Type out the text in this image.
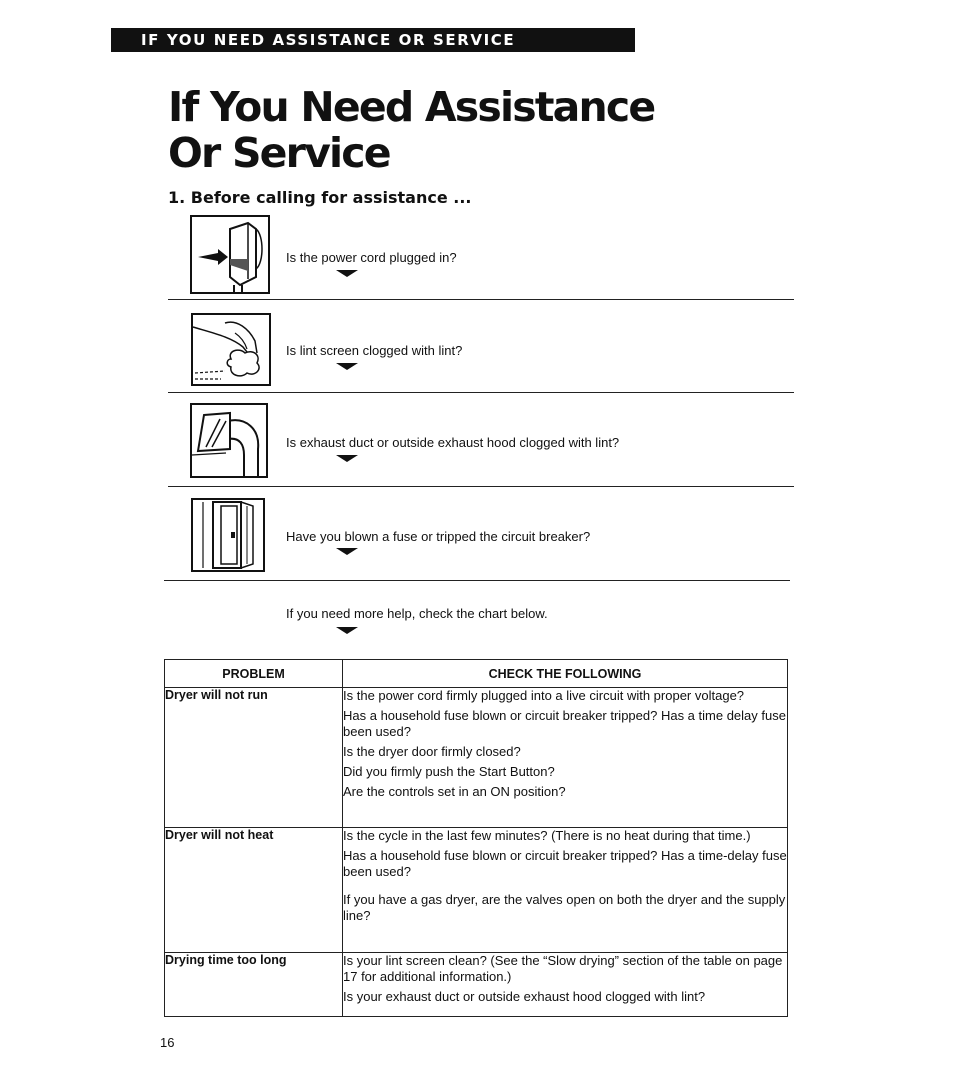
IF YOU NEED ASSISTANCE OR SERVICE
If You Need Assistance
Or Service
1. Before calling for assistance ...
Is the power cord plugged in?
Is lint screen clogged with lint?
Is exhaust duct or outside exhaust hood clogged with lint?
Have you blown a fuse or tripped the circuit breaker?
If you need more help, check the chart below.
PROBLEM	CHECK THE FOLLOWING
Dryer will not run	Is the power cord firmly plugged into a live circuit with proper voltage?
Has a household fuse blown or circuit breaker tripped? Has a time delay fuse been used?
Is the dryer door firmly closed?
Did you firmly push the Start Button?
Are the controls set in an ON position?

Dryer will not heat	Is the cycle in the last few minutes? (There is no heat during that time.)
Has a household fuse blown or circuit breaker tripped? Has a time-delay fuse been used?
If you have a gas dryer, are the valves open on both the dryer and the supply line?

Drying time too long	Is your lint screen clean? (See the “Slow drying” section of the table on page 17 for additional information.)
Is your exhaust duct or outside exhaust hood clogged with lint?
16
